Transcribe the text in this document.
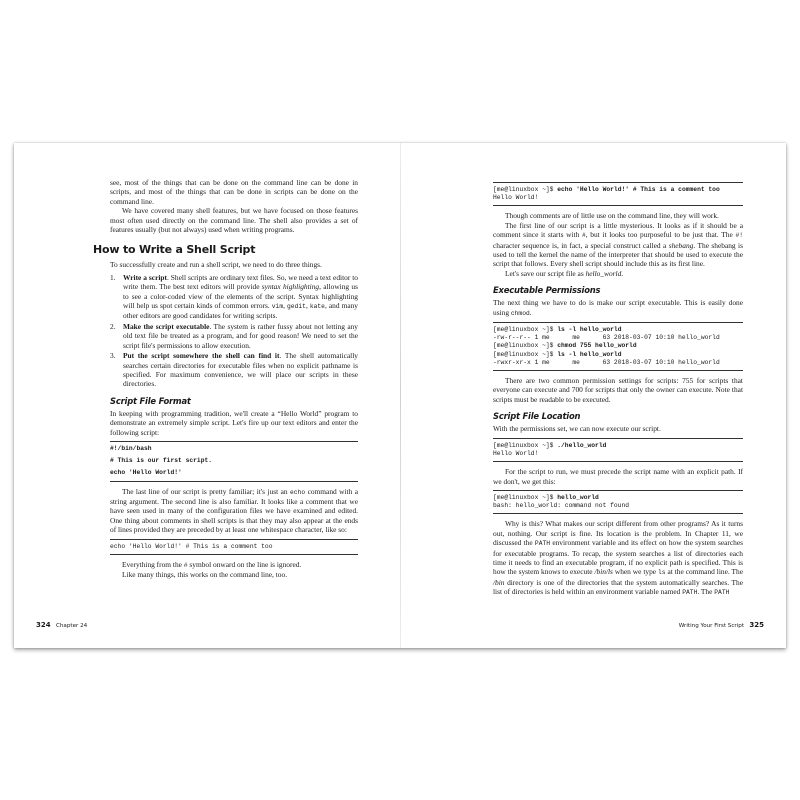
see, most of the things that can be done on the command line can be done in scripts, and most of the things that can be done in scripts can be done on the command line.

We have covered many shell features, but we have focused on those features most often used directly on the command line. The shell also provides a set of features usually (but not always) used when writing programs.

How to Write a Shell Script

To successfully create and run a shell script, we need to do three things.

1. Write a script. Shell scripts are ordinary text files. So, we need a text editor to write them. The best text editors will provide syntax highlighting, allowing us to see a color-coded view of the elements of the script. Syntax highlighting will help us spot certain kinds of common errors. vim, gedit, kate, and many other editors are good candidates for writing scripts.
2. Make the script executable. The system is rather fussy about not letting any old text file be treated as a program, and for good reason! We need to set the script file's permissions to allow execution.
3. Put the script somewhere the shell can find it. The shell automatically searches certain directories for executable files when no explicit pathname is specified. For maximum convenience, we will place our scripts in these directories.
Script File Format

In keeping with programming tradition, we'll create a “Hello World” program to demonstrate an extremely simple script. Let's fire up our text editors and enter the following script:

#!/bin/bash

# This is our first script.

echo 'Hello World!'

The last line of our script is pretty familiar; it's just an echo command with a string argument. The second line is also familiar. It looks like a comment that we have seen used in many of the configuration files we have examined and edited. One thing about comments in shell scripts is that they may also appear at the ends of lines provided they are preceded by at least one whitespace character, like so:

echo 'Hello World!' # This is a comment too

Everything from the # symbol onward on the line is ignored.

Like many things, this works on the command line, too.

324 Chapter 24
[me@linuxbox ~]$ echo 'Hello World!' # This is a comment too
Hello World!

Though comments are of little use on the command line, they will work.

The first line of our script is a little mysterious. It looks as if it should be a comment since it starts with #, but it looks too purposeful to be just that. The #! character sequence is, in fact, a special construct called a shebang. The shebang is used to tell the kernel the name of the interpreter that should be used to execute the script that follows. Every shell script should include this as its first line.

Let's save our script file as hello_world.

Executable Permissions

The next thing we have to do is make our script executable. This is easily done using chmod.

[me@linuxbox ~]$ ls -l hello_world
-rw-r--r-- 1 me      me      63 2018-03-07 10:10 hello_world
[me@linuxbox ~]$ chmod 755 hello_world
[me@linuxbox ~]$ ls -l hello_world
-rwxr-xr-x 1 me      me      63 2018-03-07 10:10 hello_world

There are two common permission settings for scripts: 755 for scripts that everyone can execute and 700 for scripts that only the owner can execute. Note that scripts must be readable to be executed.

Script File Location

With the permissions set, we can now execute our script.

[me@linuxbox ~]$ ./hello_world
Hello World!

For the script to run, we must precede the script name with an explicit path. If we don't, we get this:

[me@linuxbox ~]$ hello_world
bash: hello_world: command not found

Why is this? What makes our script different from other programs? As it turns out, nothing. Our script is fine. Its location is the problem. In Chapter 11, we discussed the PATH environment variable and its effect on how the system searches for executable programs. To recap, the system searches a list of directories each time it needs to find an executable program, if no explicit path is specified. This is how the system knows to execute /bin/ls when we type ls at the command line. The /bin directory is one of the directories that the system automatically searches. The list of directories is held within an environment variable named PATH. The PATH

Writing Your First Script 325
